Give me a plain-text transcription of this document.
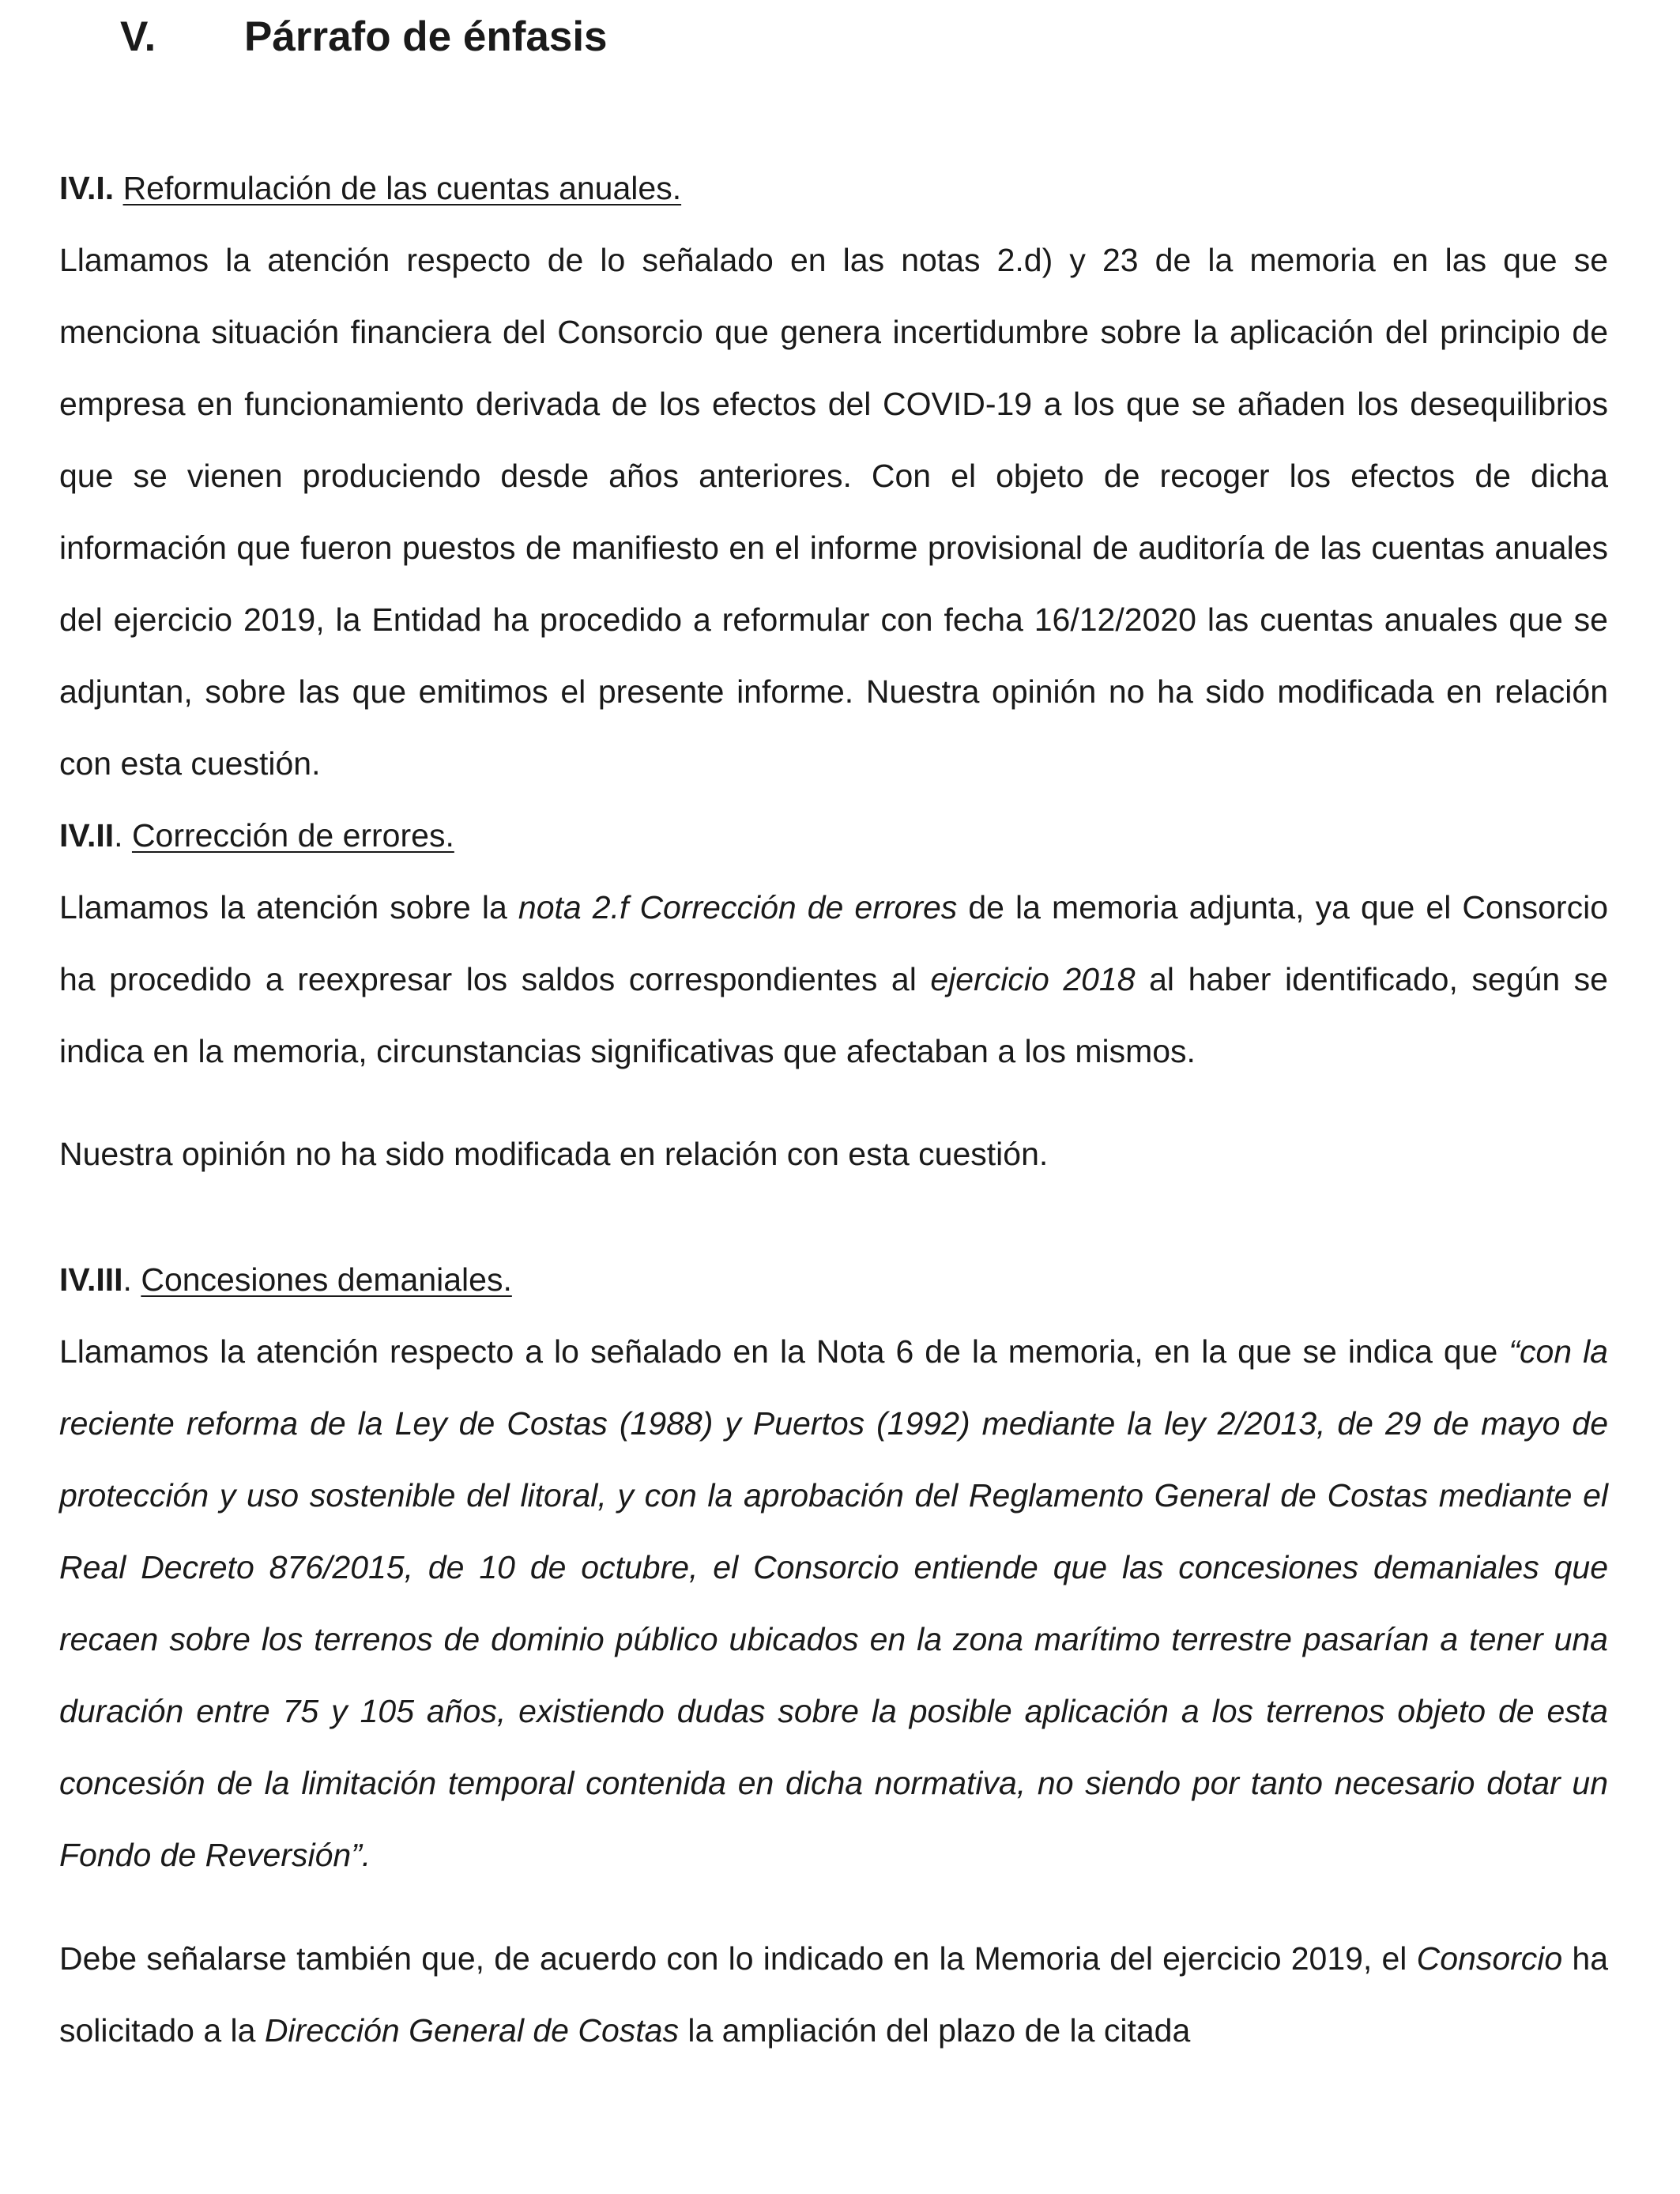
V. Párrafo de énfasis

IV.I. Reformulación de las cuentas anuales.

Llamamos la atención respecto de lo señalado en las notas 2.d) y 23 de la memoria en las que se menciona situación financiera del Consorcio que genera incertidumbre sobre la aplicación del principio de empresa en funcionamiento derivada de los efectos del COVID-19 a los que se añaden los desequilibrios que se vienen produciendo desde años anteriores. Con el objeto de recoger los efectos de dicha información que fueron puestos de manifiesto en el informe provisional de auditoría de las cuentas anuales del ejercicio 2019, la Entidad ha procedido a reformular con fecha 16/12/2020 las cuentas anuales que se adjuntan, sobre las que emitimos el presente informe. Nuestra opinión no ha sido modificada en relación con esta cuestión.

IV.II. Corrección de errores.

Llamamos la atención sobre la nota 2.f Corrección de errores de la memoria adjunta, ya que el Consorcio ha procedido a reexpresar los saldos correspondientes al ejercicio 2018 al haber identificado, según se indica en la memoria, circunstancias significativas que afectaban a los mismos.

Nuestra opinión no ha sido modificada en relación con esta cuestión.

IV.III. Concesiones demaniales.

Llamamos la atención respecto a lo señalado en la Nota 6 de la memoria, en la que se indica que “con la reciente reforma de la Ley de Costas (1988) y Puertos (1992) mediante la ley 2/2013, de 29 de mayo de protección y uso sostenible del litoral, y con la aprobación del Reglamento General de Costas mediante el Real Decreto 876/2015, de 10 de octubre, el Consorcio entiende que las concesiones demaniales que recaen sobre los terrenos de dominio público ubicados en la zona marítimo terrestre pasarían a tener una duración entre 75 y 105 años, existiendo dudas sobre la posible aplicación a los terrenos objeto de esta concesión de la limitación temporal contenida en dicha normativa, no siendo por tanto necesario dotar un Fondo de Reversión”.

Debe señalarse también que, de acuerdo con lo indicado en la Memoria del ejercicio 2019, el Consorcio ha solicitado a la Dirección General de Costas la ampliación del plazo de la citada
